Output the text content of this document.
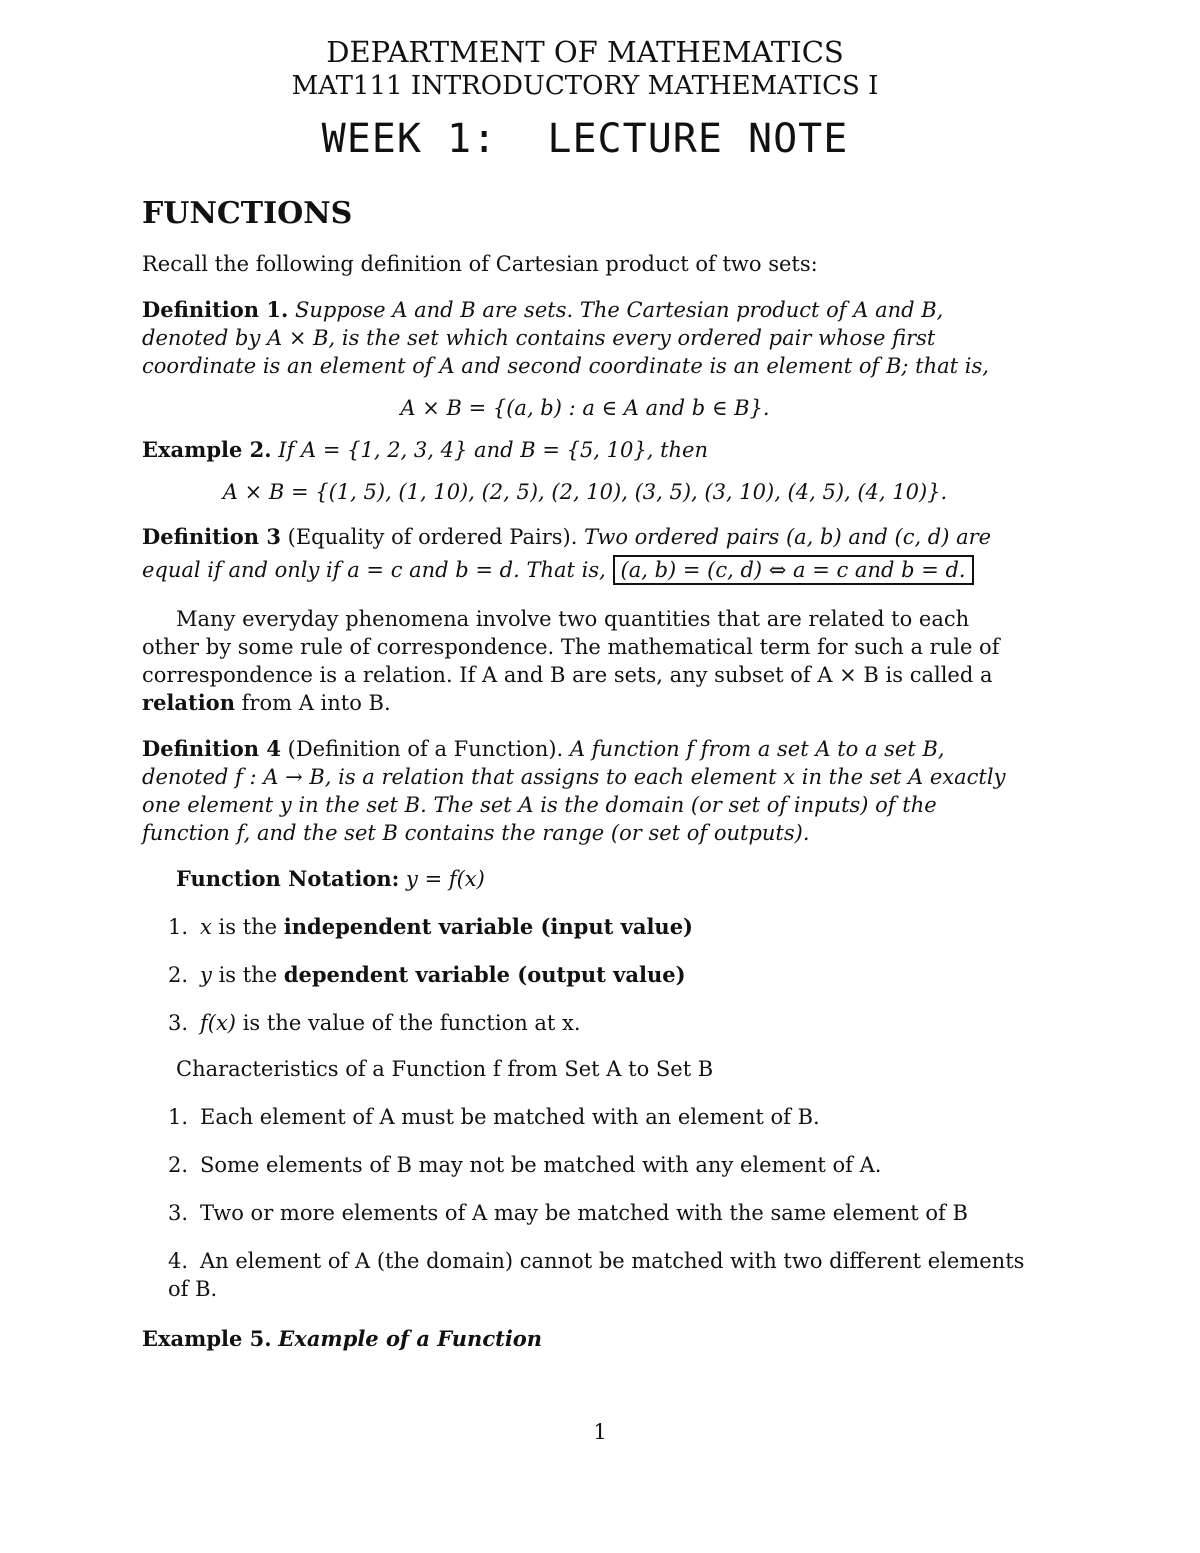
DEPARTMENT OF MATHEMATICS
MAT111 INTRODUCTORY MATHEMATICS I
WEEK 1:  LECTURE NOTE
FUNCTIONS

Recall the following definition of Cartesian product of two sets:

Definition 1. Suppose A and B are sets. The Cartesian product of A and B, denoted by A × B, is the set which contains every ordered pair whose first coordinate is an element of A and second coordinate is an element of B; that is,

A × B = {(a, b) : a ∈ A and b ∈ B}.

Example 2. If A = {1, 2, 3, 4} and B = {5, 10}, then

A × B = {(1, 5), (1, 10), (2, 5), (2, 10), (3, 5), (3, 10), (4, 5), (4, 10)}.

Definition 3 (Equality of ordered Pairs). Two ordered pairs (a, b) and (c, d) are equal if and only if a = c and b = d. That is, (a, b) = (c, d) ⇔ a = c and b = d.

Many everyday phenomena involve two quantities that are related to each other by some rule of correspondence. The mathematical term for such a rule of correspondence is a relation. If A and B are sets, any subset of A × B is called a relation from A into B.

Definition 4 (Definition of a Function). A function f from a set A to a set B, denoted f : A → B, is a relation that assigns to each element x in the set A exactly one element y in the set B. The set A is the domain (or set of inputs) of the function f, and the set B contains the range (or set of outputs).

Function Notation: y = f(x)
1. x is the independent variable (input value)
2. y is the dependent variable (output value)
3. f(x) is the value of the function at x.
Characteristics of a Function f from Set A to Set B
1. Each element of A must be matched with an element of B.
2. Some elements of B may not be matched with any element of A.
3. Two or more elements of A may be matched with the same element of B
4. An element of A (the domain) cannot be matched with two different elements of B.

Example 5. Example of a Function

1
